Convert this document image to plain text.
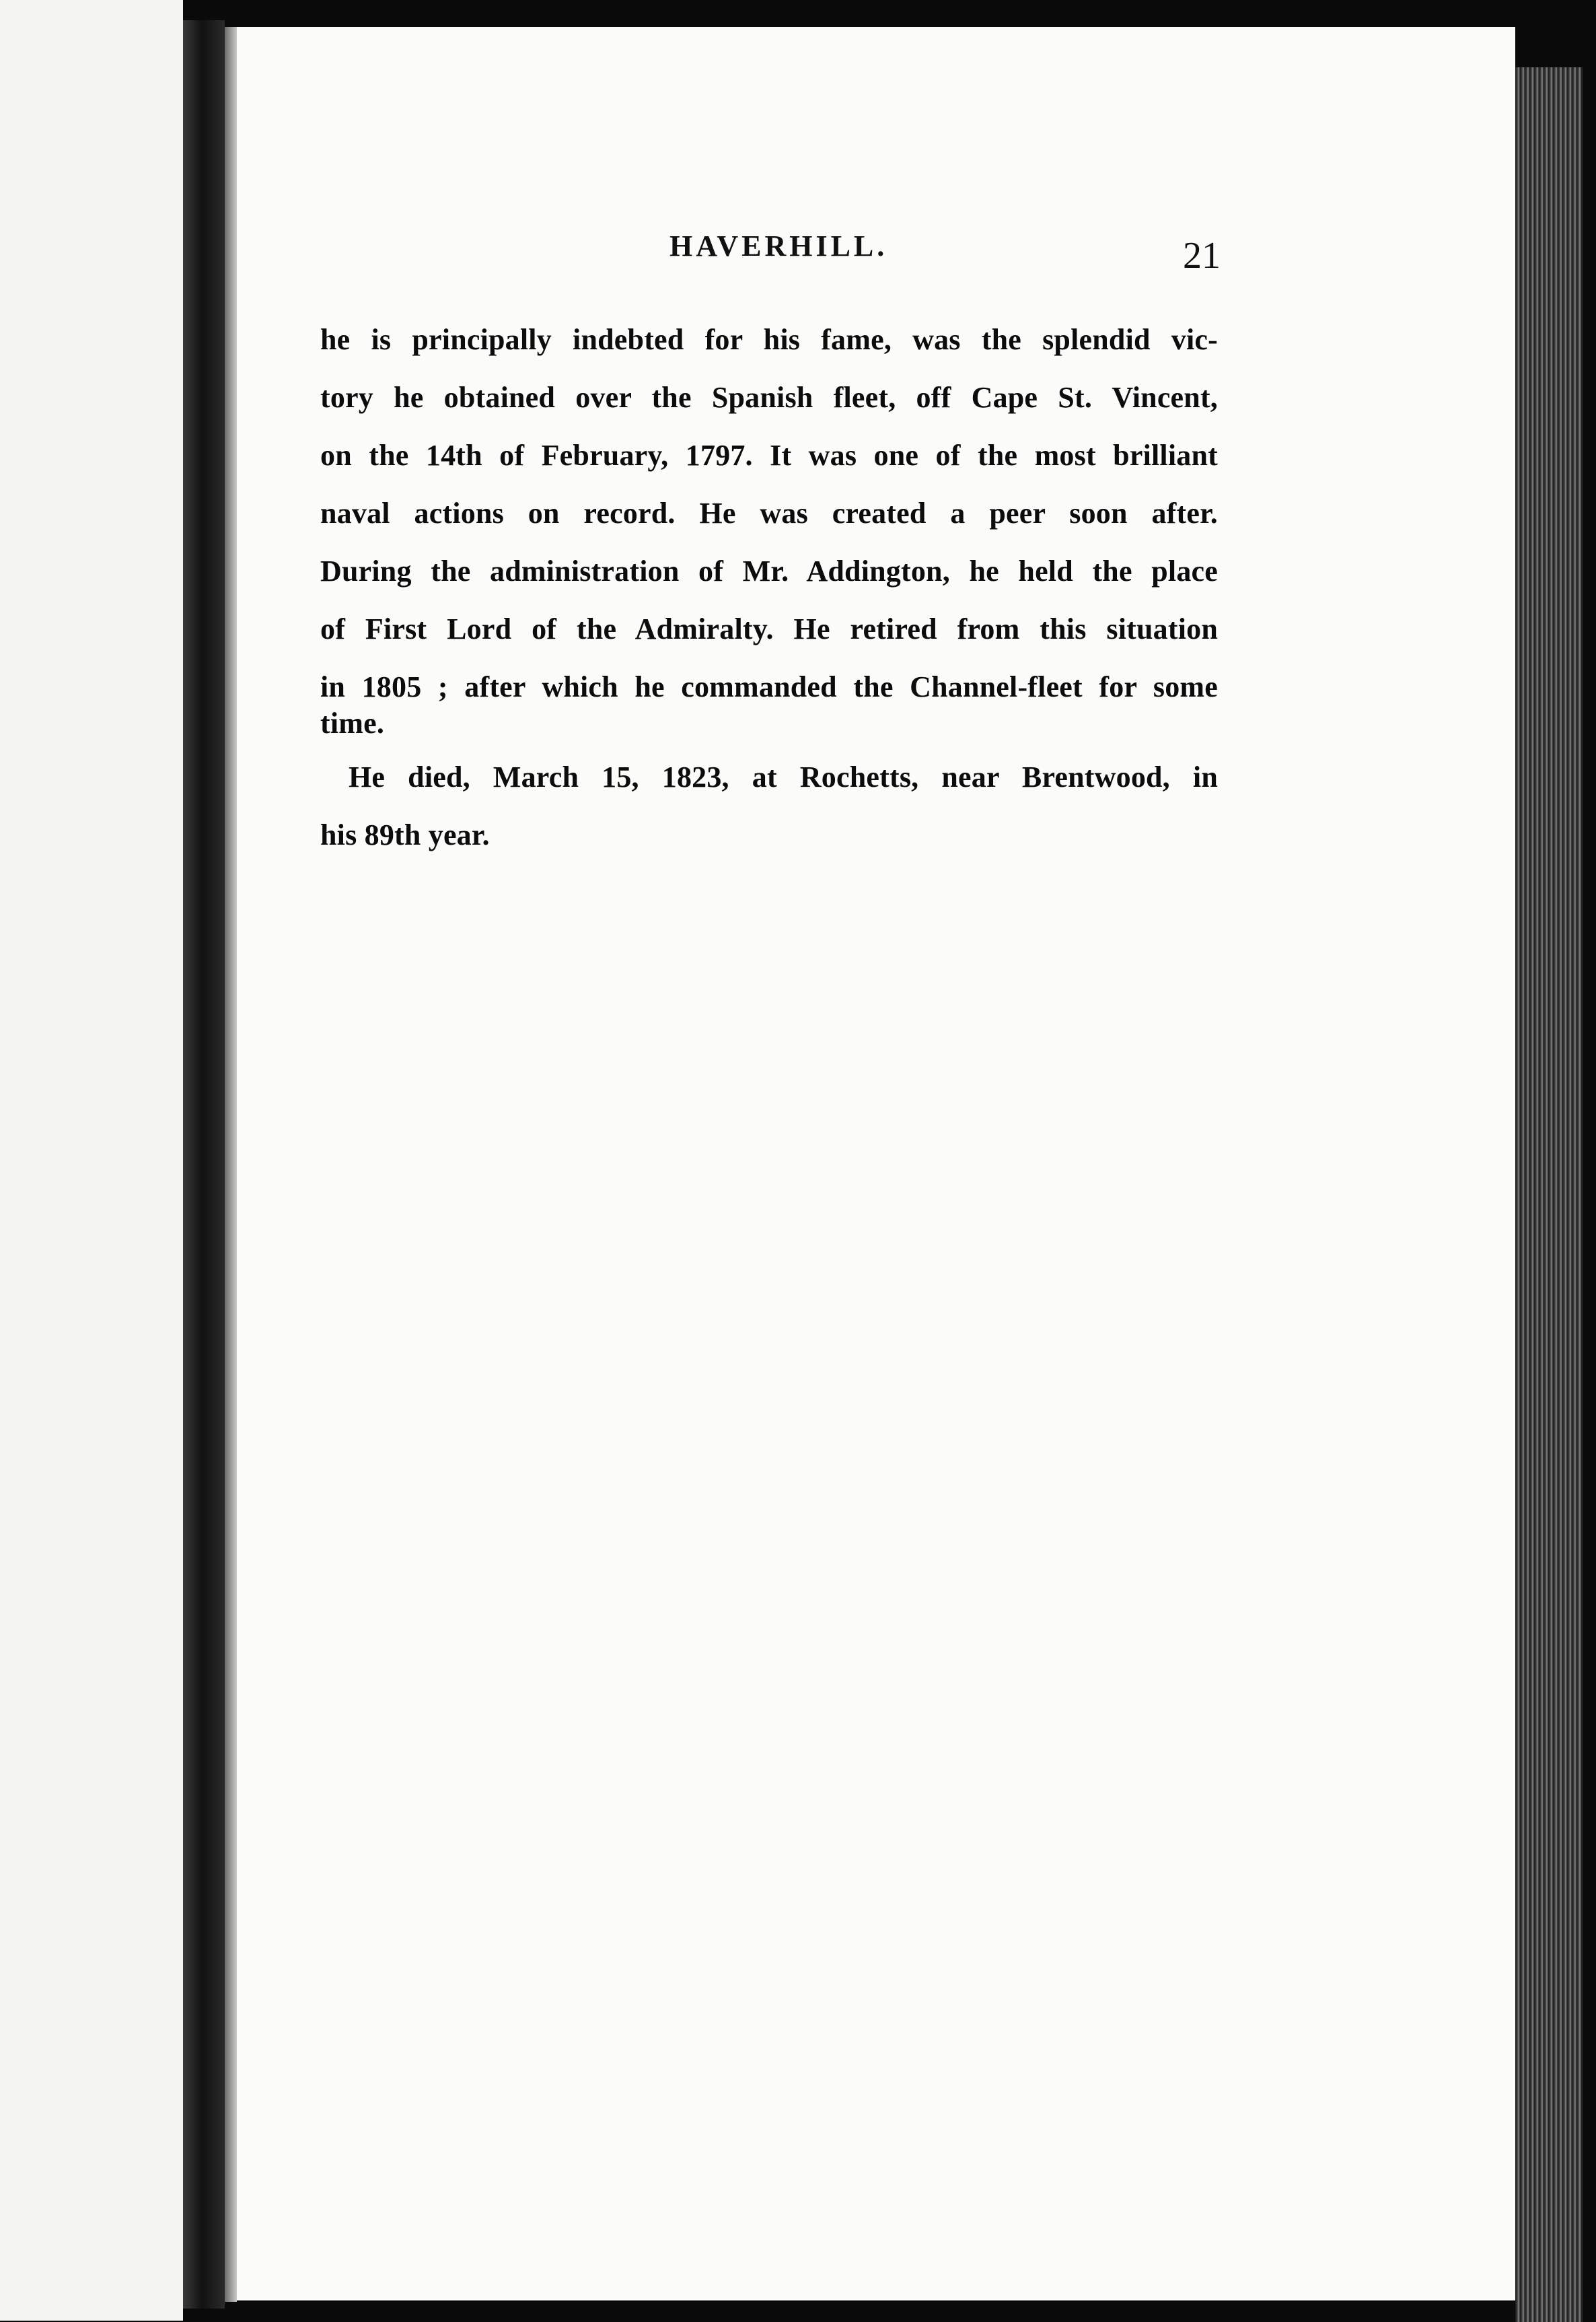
HAVERHILL.	21

he is principally indebted for his fame, was the splendid vic-

tory he obtained over the Spanish fleet, off Cape St. Vincent,

on the 14th of February, 1797. It was one of the most brilliant

naval actions on record. He was created a peer soon after.

During the administration of Mr. Addington, he held the place

of First Lord of the Admiralty. He retired from this situation

in 1805 ; after which he commanded the Channel-fleet for some

time.

He died, March 15, 1823, at Rochetts, near Brentwood, in

his 89th year.
